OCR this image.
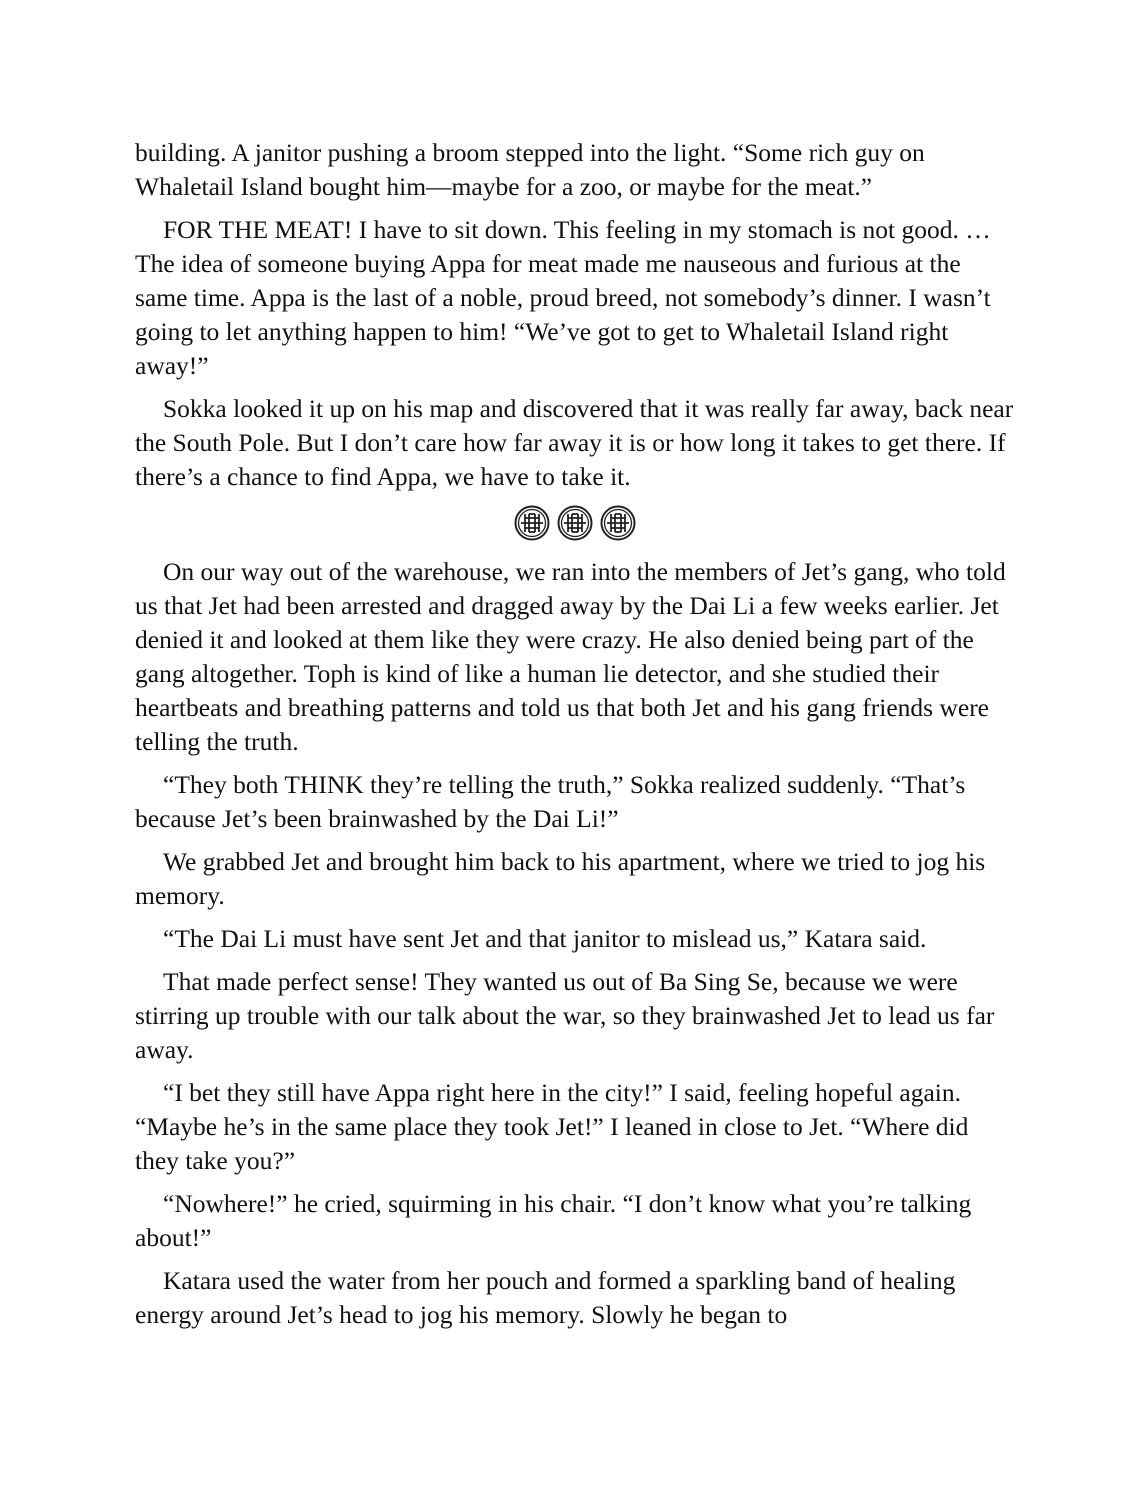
building. A janitor pushing a broom stepped into the light. “Some rich guy on Whaletail Island bought him—maybe for a zoo, or maybe for the meat.”

FOR THE MEAT! I have to sit down. This feeling in my stomach is not good. … The idea of someone buying Appa for meat made me nauseous and furious at the same time. Appa is the last of a noble, proud breed, not somebody’s dinner. I wasn’t going to let anything happen to him! “We’ve got to get to Whaletail Island right away!”

Sokka looked it up on his map and discovered that it was really far away, back near the South Pole. But I don’t care how far away it is or how long it takes to get there. If there’s a chance to find Appa, we have to take it.

On our way out of the warehouse, we ran into the members of Jet’s gang, who told us that Jet had been arrested and dragged away by the Dai Li a few weeks earlier. Jet denied it and looked at them like they were crazy. He also denied being part of the gang altogether. Toph is kind of like a human lie detector, and she studied their heartbeats and breathing patterns and told us that both Jet and his gang friends were telling the truth.

“They both THINK they’re telling the truth,” Sokka realized suddenly. “That’s because Jet’s been brainwashed by the Dai Li!”

We grabbed Jet and brought him back to his apartment, where we tried to jog his memory.

“The Dai Li must have sent Jet and that janitor to mislead us,” Katara said.

That made perfect sense! They wanted us out of Ba Sing Se, because we were stirring up trouble with our talk about the war, so they brainwashed Jet to lead us far away.

“I bet they still have Appa right here in the city!” I said, feeling hopeful again. “Maybe he’s in the same place they took Jet!” I leaned in close to Jet. “Where did they take you?”

“Nowhere!” he cried, squirming in his chair. “I don’t know what you’re talking about!”

Katara used the water from her pouch and formed a sparkling band of healing energy around Jet’s head to jog his memory. Slowly he began to
